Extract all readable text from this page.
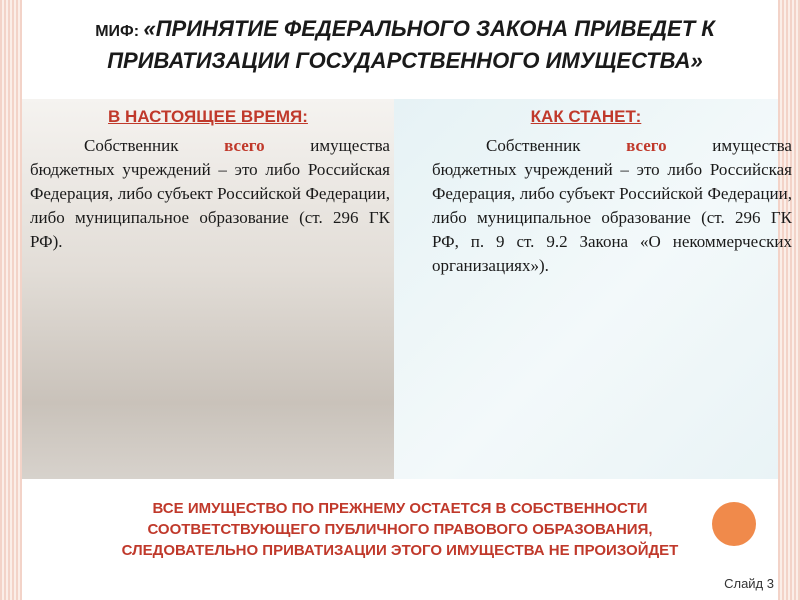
МИФ: «ПРИНЯТИЕ ФЕДЕРАЛЬНОГО ЗАКОНА ПРИВЕДЕТ К ПРИВАТИЗАЦИИ ГОСУДАРСТВЕННОГО ИМУЩЕСТВА»
В НАСТОЯЩЕЕ ВРЕМЯ:	КАК СТАНЕТ:

Собственник всего имущества бюджетных учреждений – это либо Российская Федерация, либо субъект Российской Федерации, либо муниципальное образование (ст. 296 ГК РФ).

Собственник всего имущества бюджетных учреждений – это либо Российская Федерация, либо субъект Российской Федерации, либо муниципальное образование (ст. 296 ГК РФ, п. 9 ст. 9.2 Закона «О некоммерческих организациях»).

ВСЕ ИМУЩЕСТВО ПО ПРЕЖНЕМУ ОСТАЕТСЯ В СОБСТВЕННОСТИ
СООТВЕТСТВУЮЩЕГО ПУБЛИЧНОГО ПРАВОВОГО ОБРАЗОВАНИЯ,
СЛЕДОВАТЕЛЬНО ПРИВАТИЗАЦИИ ЭТОГО ИМУЩЕСТВА НЕ ПРОИЗОЙДЕТ
Слайд 3
